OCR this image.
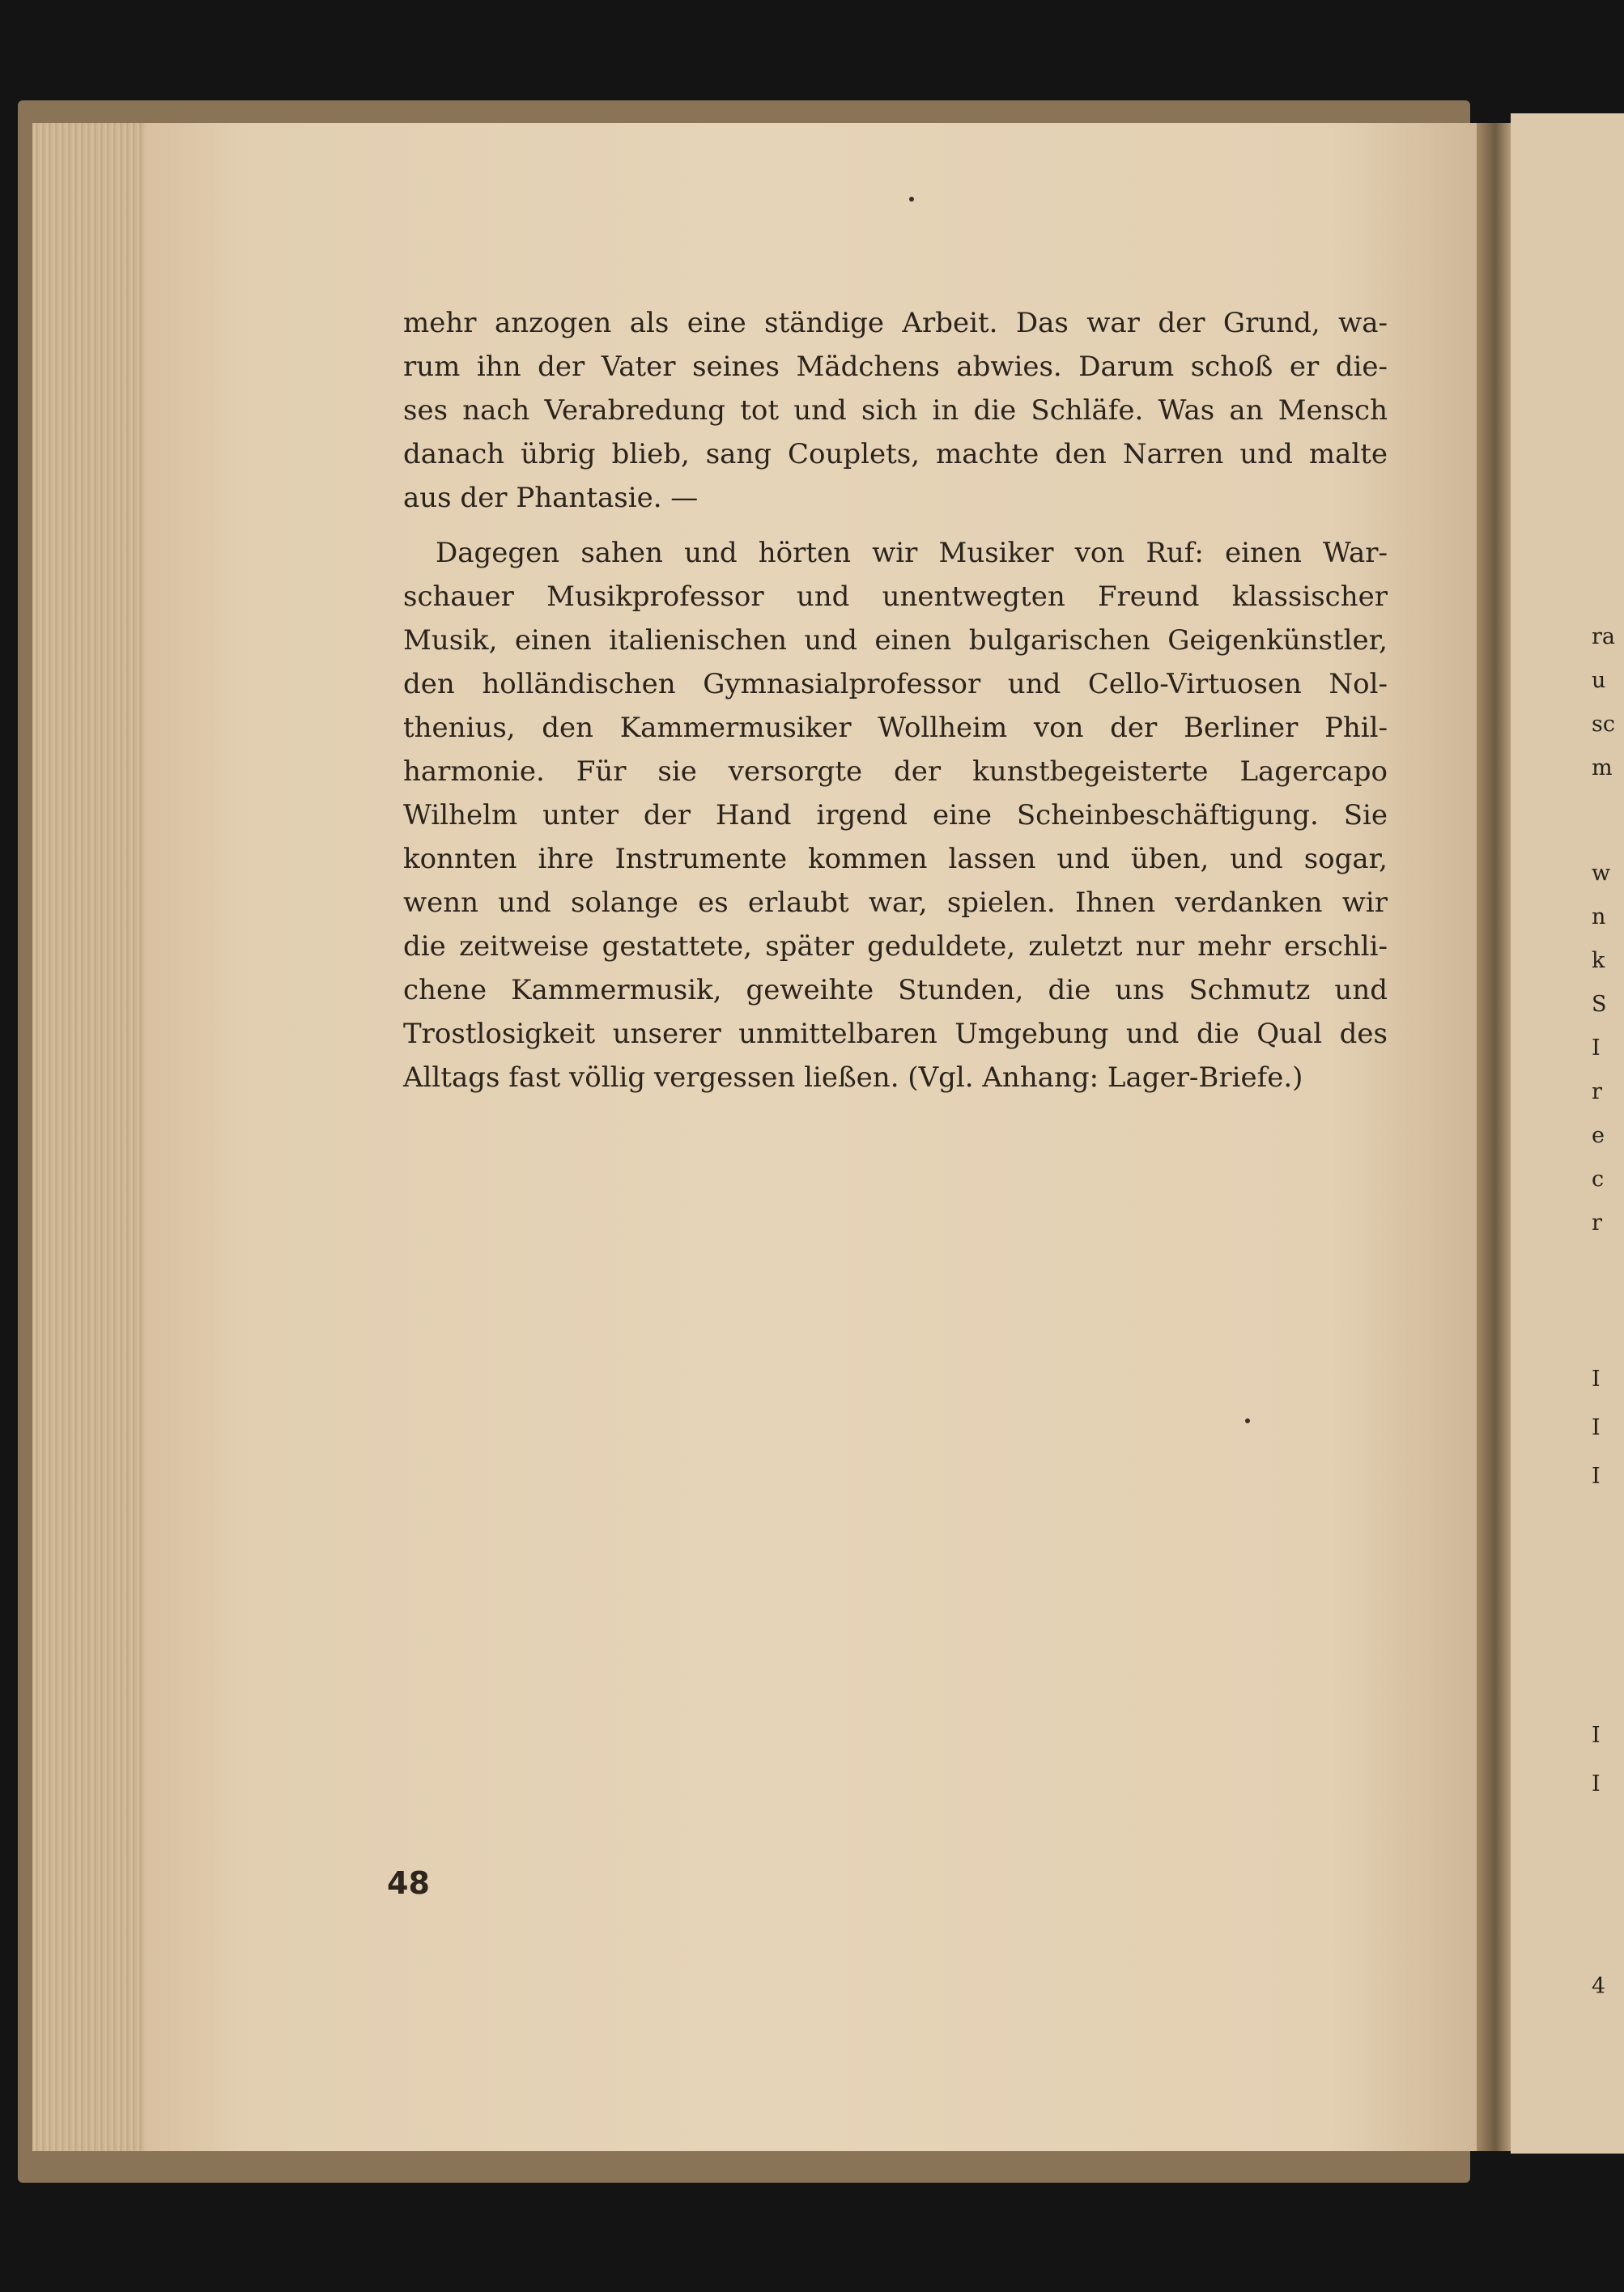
ra
u
sc
m
w
n
k
S
I
r
e
c
r
I
I
I
I
I
4

mehr anzogen als eine ständige Arbeit. Das war der Grund, wa-
rum ihn der Vater seines Mädchens abwies. Darum schoß er die-
ses nach Verabredung tot und sich in die Schläfe. Was an Mensch
danach übrig blieb, sang Couplets, machte den Narren und malte
aus der Phantasie. —

Dagegen sahen und hörten wir Musiker von Ruf: einen War-
schauer Musikprofessor und unentwegten Freund klassischer
Musik, einen italienischen und einen bulgarischen Geigenkünstler,
den holländischen Gymnasialprofessor und Cello-Virtuosen Nol-
thenius, den Kammermusiker Wollheim von der Berliner Phil-
harmonie. Für sie versorgte der kunstbegeisterte Lagercapo
Wilhelm unter der Hand irgend eine Scheinbeschäftigung. Sie
konnten ihre Instrumente kommen lassen und üben, und sogar,
wenn und solange es erlaubt war, spielen. Ihnen verdanken wir
die zeitweise gestattete, später geduldete, zuletzt nur mehr erschli-
chene Kammermusik, geweihte Stunden, die uns Schmutz und
Trostlosigkeit unserer unmittelbaren Umgebung und die Qual des
Alltags fast völlig vergessen ließen. (Vgl. Anhang: Lager-Briefe.)

48
